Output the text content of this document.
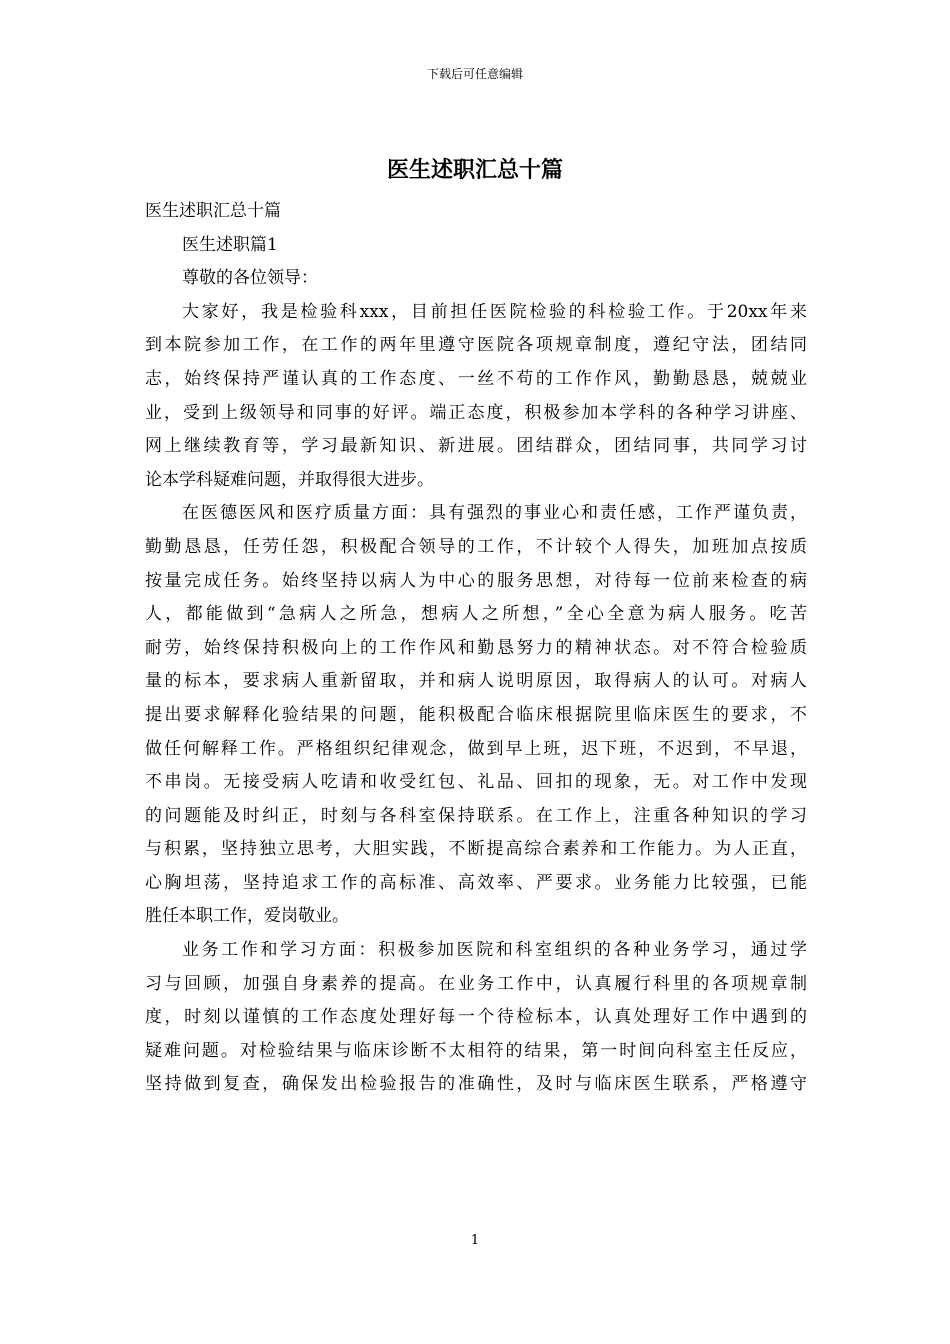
下载后可任意编辑
医生述职汇总十篇
医生述职汇总十篇
医生述职篇1
尊敬的各位领导：
大家好，我是检验科xxx，目前担任医院检验的科检验工作。于20xx年来
到本院参加工作，在工作的两年里遵守医院各项规章制度，遵纪守法，团结同
志，始终保持严谨认真的工作态度、一丝不苟的工作作风，勤勤恳恳，兢兢业
业，受到上级领导和同事的好评。端正态度，积极参加本学科的各种学习讲座、
网上继续教育等，学习最新知识、新进展。团结群众，团结同事，共同学习讨
论本学科疑难问题，并取得很大进步。
在医德医风和医疗质量方面：具有强烈的事业心和责任感，工作严谨负责，
勤勤恳恳，任劳任怨，积极配合领导的工作，不计较个人得失，加班加点按质
按量完成任务。始终坚持以病人为中心的服务思想，对待每一位前来检查的病
人，都能做到“急病人之所急，想病人之所想，”全心全意为病人服务。吃苦
耐劳，始终保持积极向上的工作作风和勤恳努力的精神状态。对不符合检验质
量的标本，要求病人重新留取，并和病人说明原因，取得病人的认可。对病人
提出要求解释化验结果的问题，能积极配合临床根据院里临床医生的要求，不
做任何解释工作。严格组织纪律观念，做到早上班，迟下班，不迟到，不早退，
不串岗。无接受病人吃请和收受红包、礼品、回扣的现象，无。对工作中发现
的问题能及时纠正，时刻与各科室保持联系。在工作上，注重各种知识的学习
与积累，坚持独立思考，大胆实践，不断提高综合素养和工作能力。为人正直，
心胸坦荡，坚持追求工作的高标准、高效率、严要求。业务能力比较强，已能
胜任本职工作，爱岗敬业。
业务工作和学习方面：积极参加医院和科室组织的各种业务学习，通过学
习与回顾，加强自身素养的提高。在业务工作中，认真履行科里的各项规章制
度，时刻以谨慎的工作态度处理好每一个待检标本，认真处理好工作中遇到的
疑难问题。对检验结果与临床诊断不太相符的结果，第一时间向科室主任反应，
坚持做到复查，确保发出检验报告的准确性，及时与临床医生联系，严格遵守
1
